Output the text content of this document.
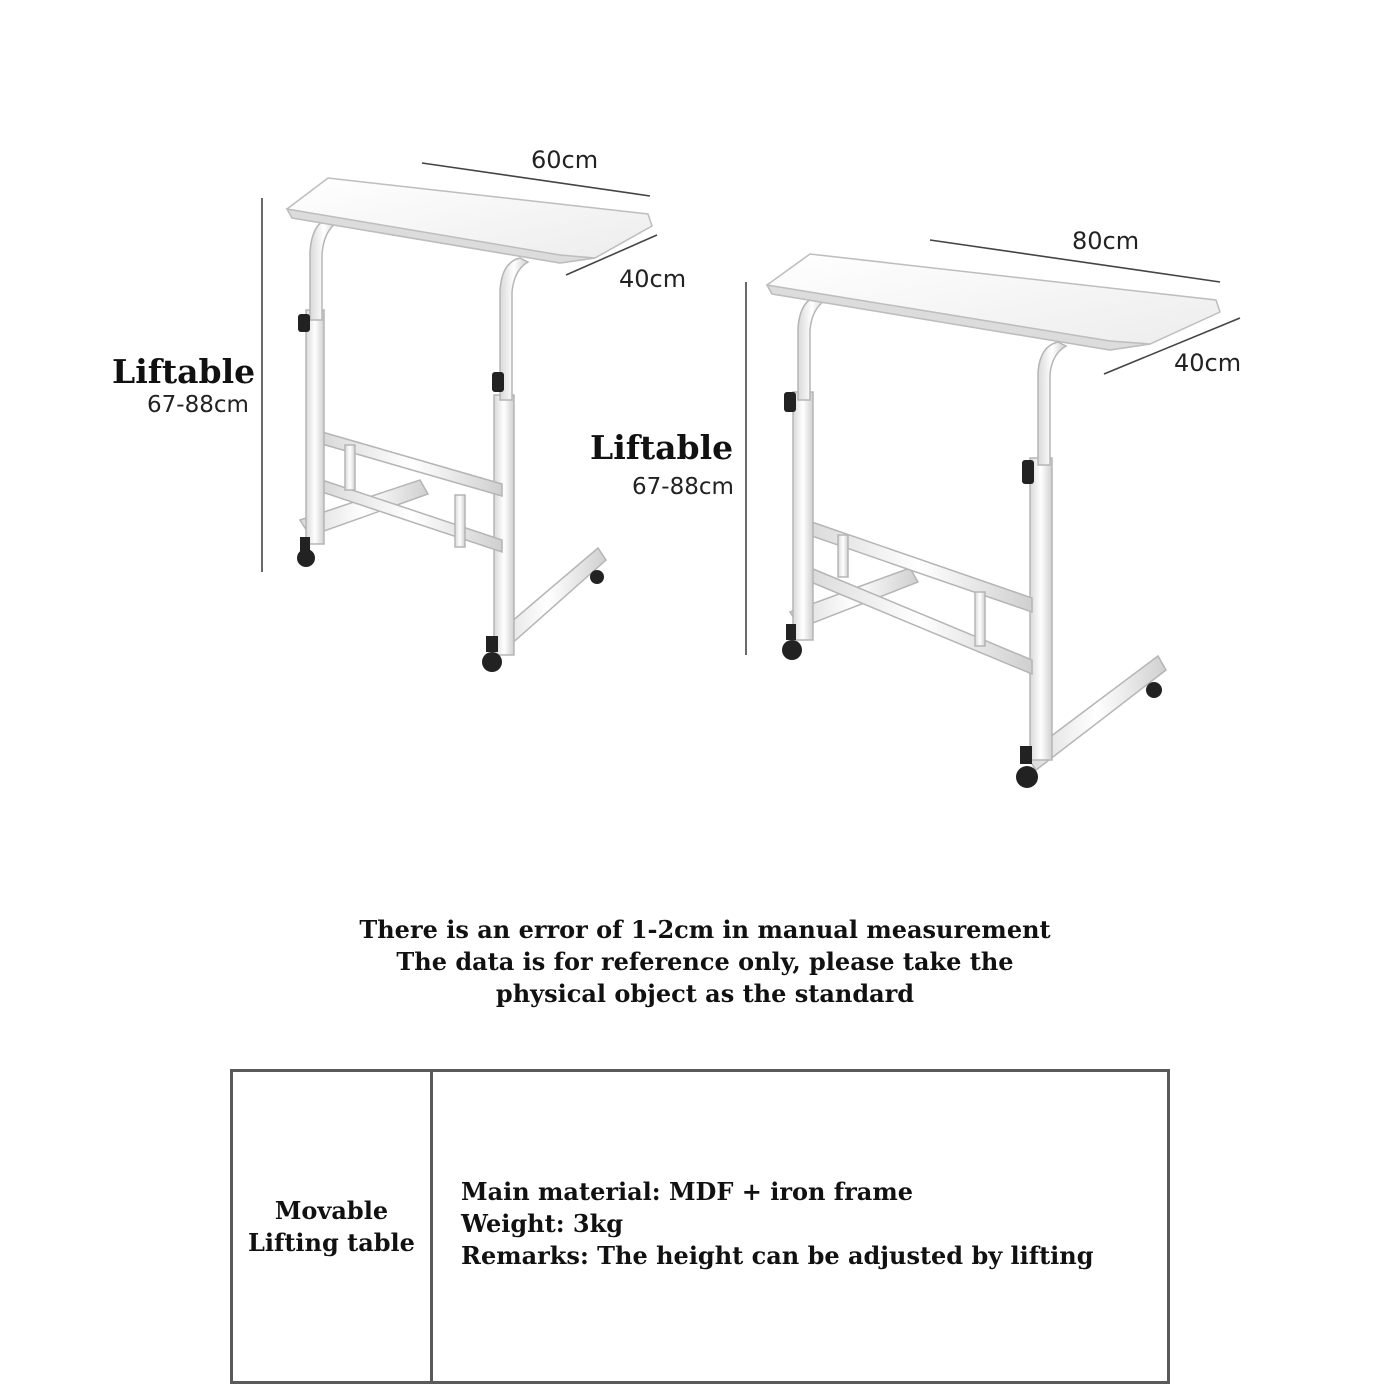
60cm
40cm
Liftable
67-88cm
80cm
40cm
Liftable
67-88cm
There is an error of 1-2cm in manual measurement
The data is for reference only, please take the
physical object as the standard
Movable
Lifting table
Main material: MDF + iron frame
Weight: 3kg
Remarks: The height can be adjusted by lifting
